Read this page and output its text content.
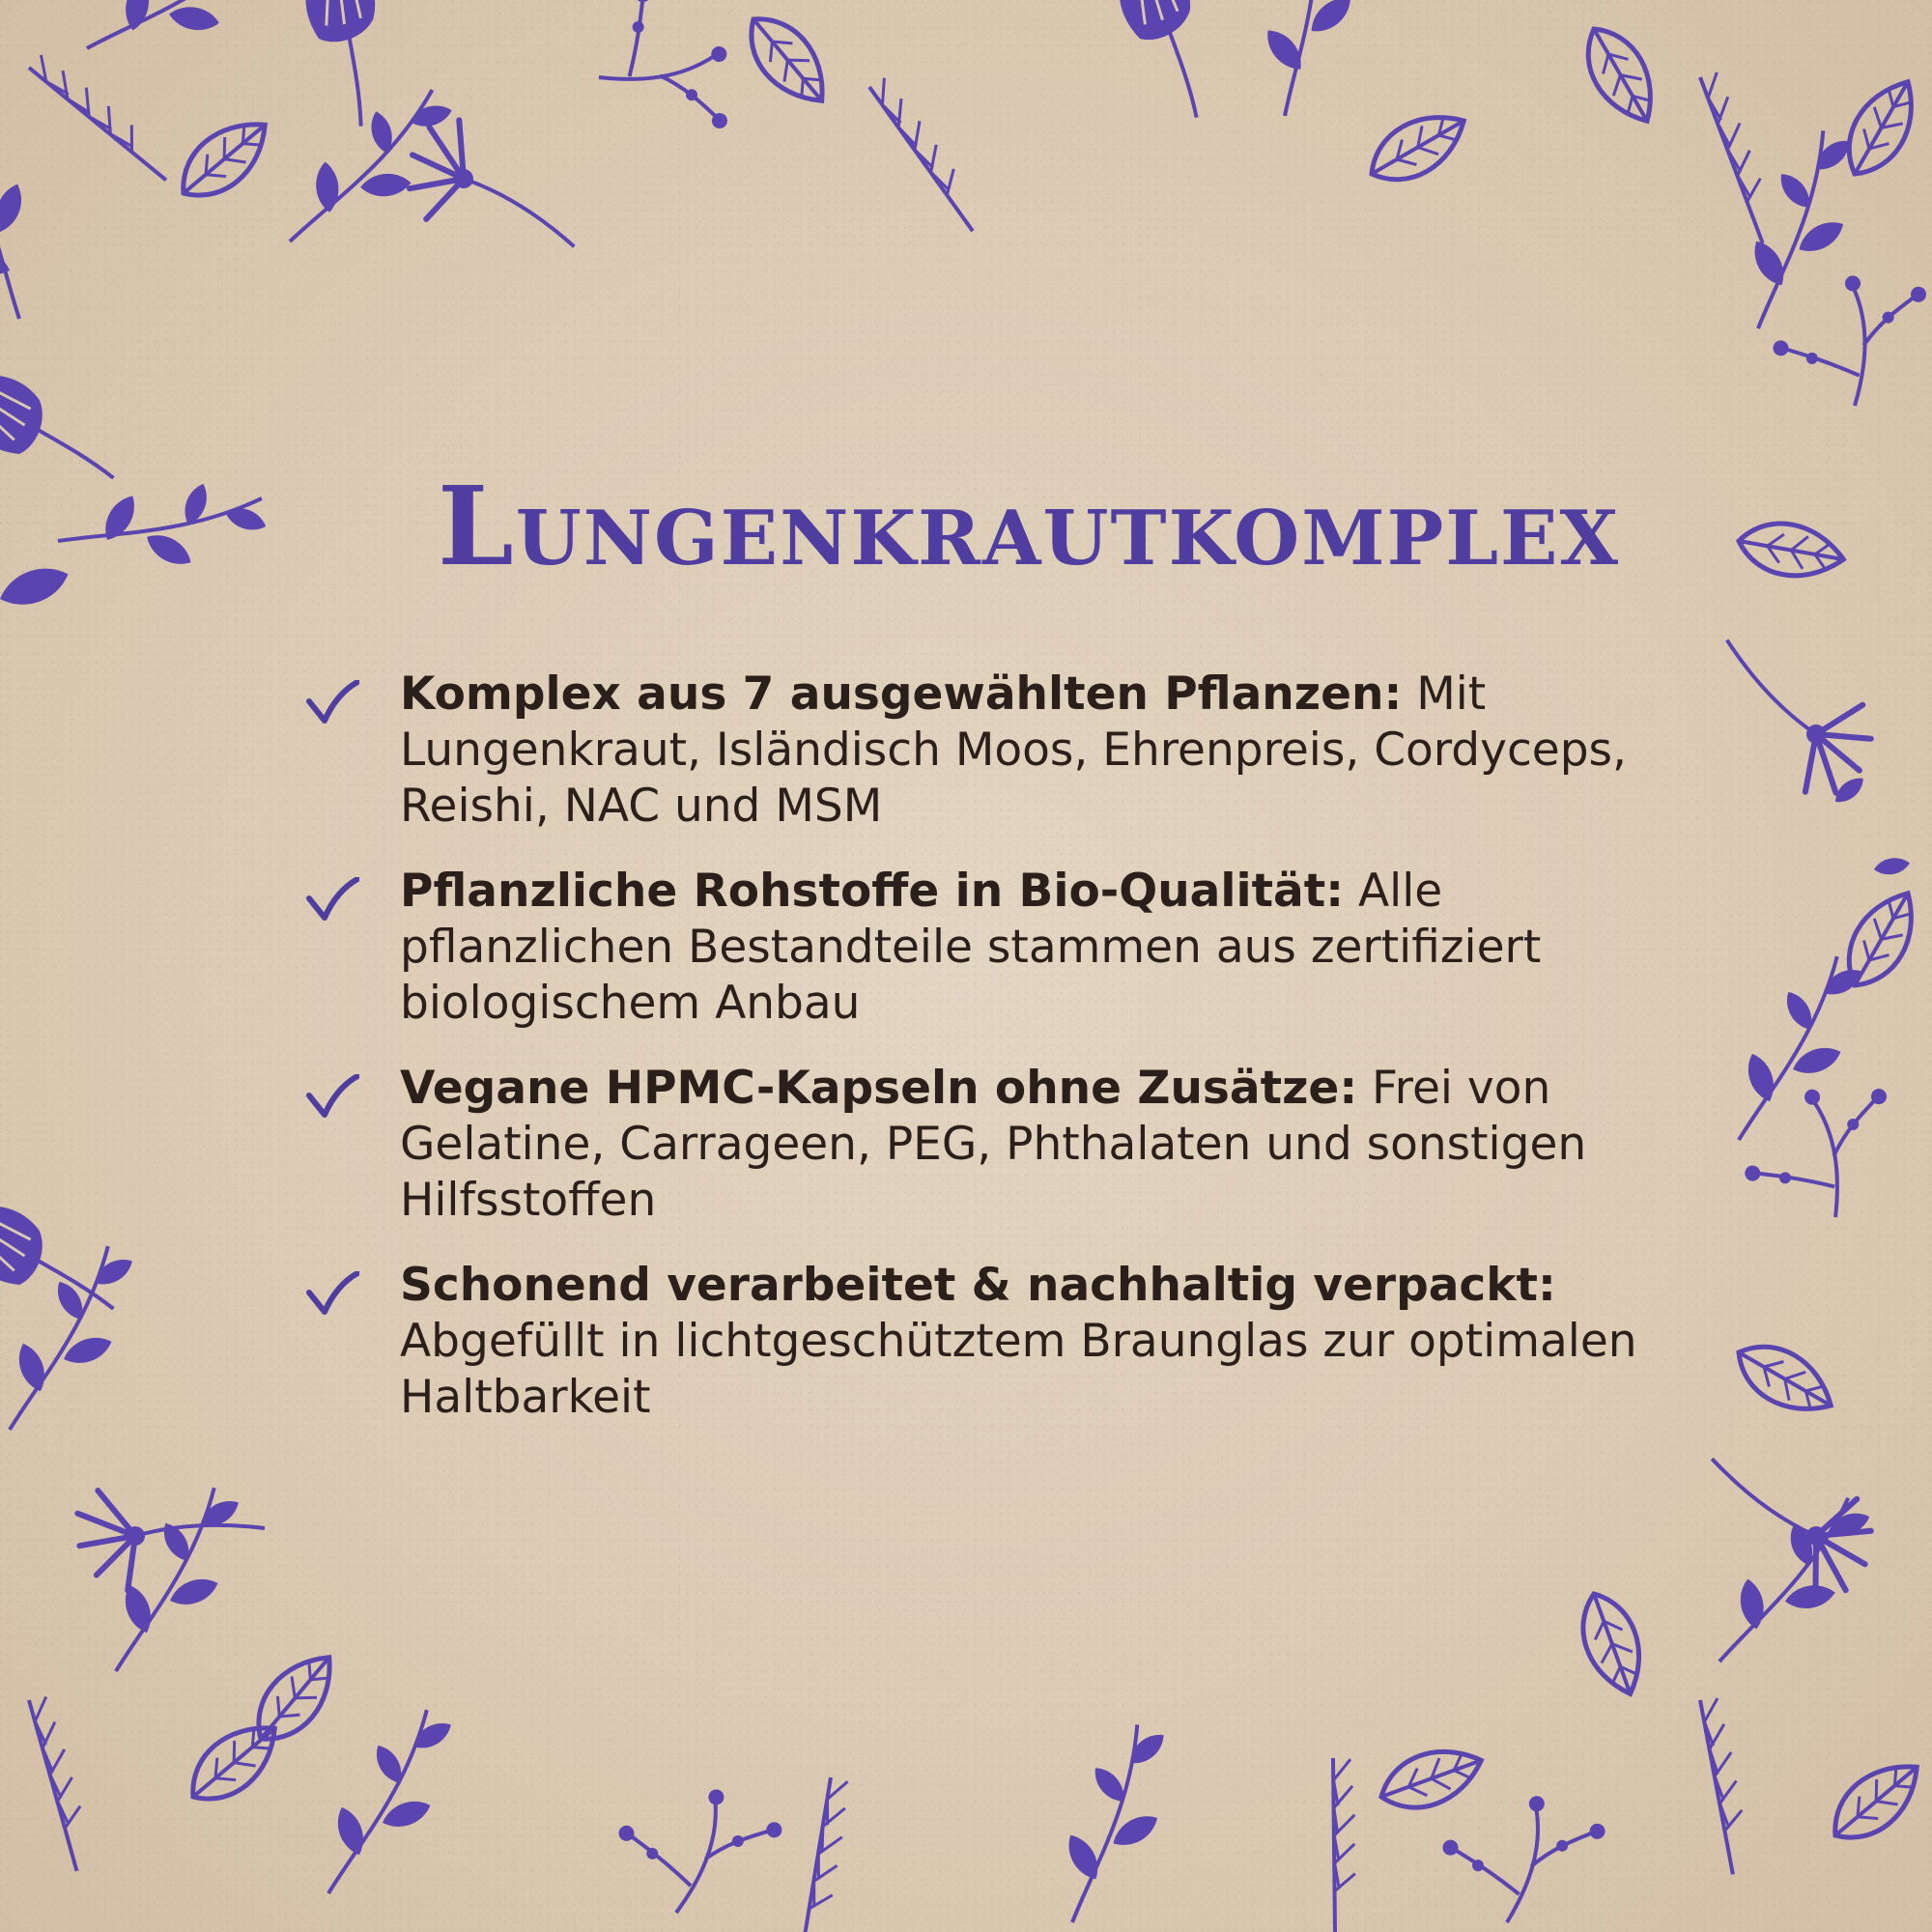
Lungenkrautkomplex
Komplex aus 7 ausgewählten Pflanzen: Mit Lungenkraut, Isländisch Moos, Ehrenpreis, Cordyceps, Reishi, NAC und MSM
Pflanzliche Rohstoffe in Bio-Qualität: Alle pflanzlichen Bestandteile stammen aus zertifiziert biologischem Anbau
Vegane HPMC-Kapseln ohne Zusätze: Frei von Gelatine, Carrageen, PEG, Phthalaten und sonstigen Hilfsstoffen
Schonend verarbeitet & nachhaltig verpackt: Abgefüllt in lichtgeschütztem Braunglas zur optimalen Haltbarkeit
